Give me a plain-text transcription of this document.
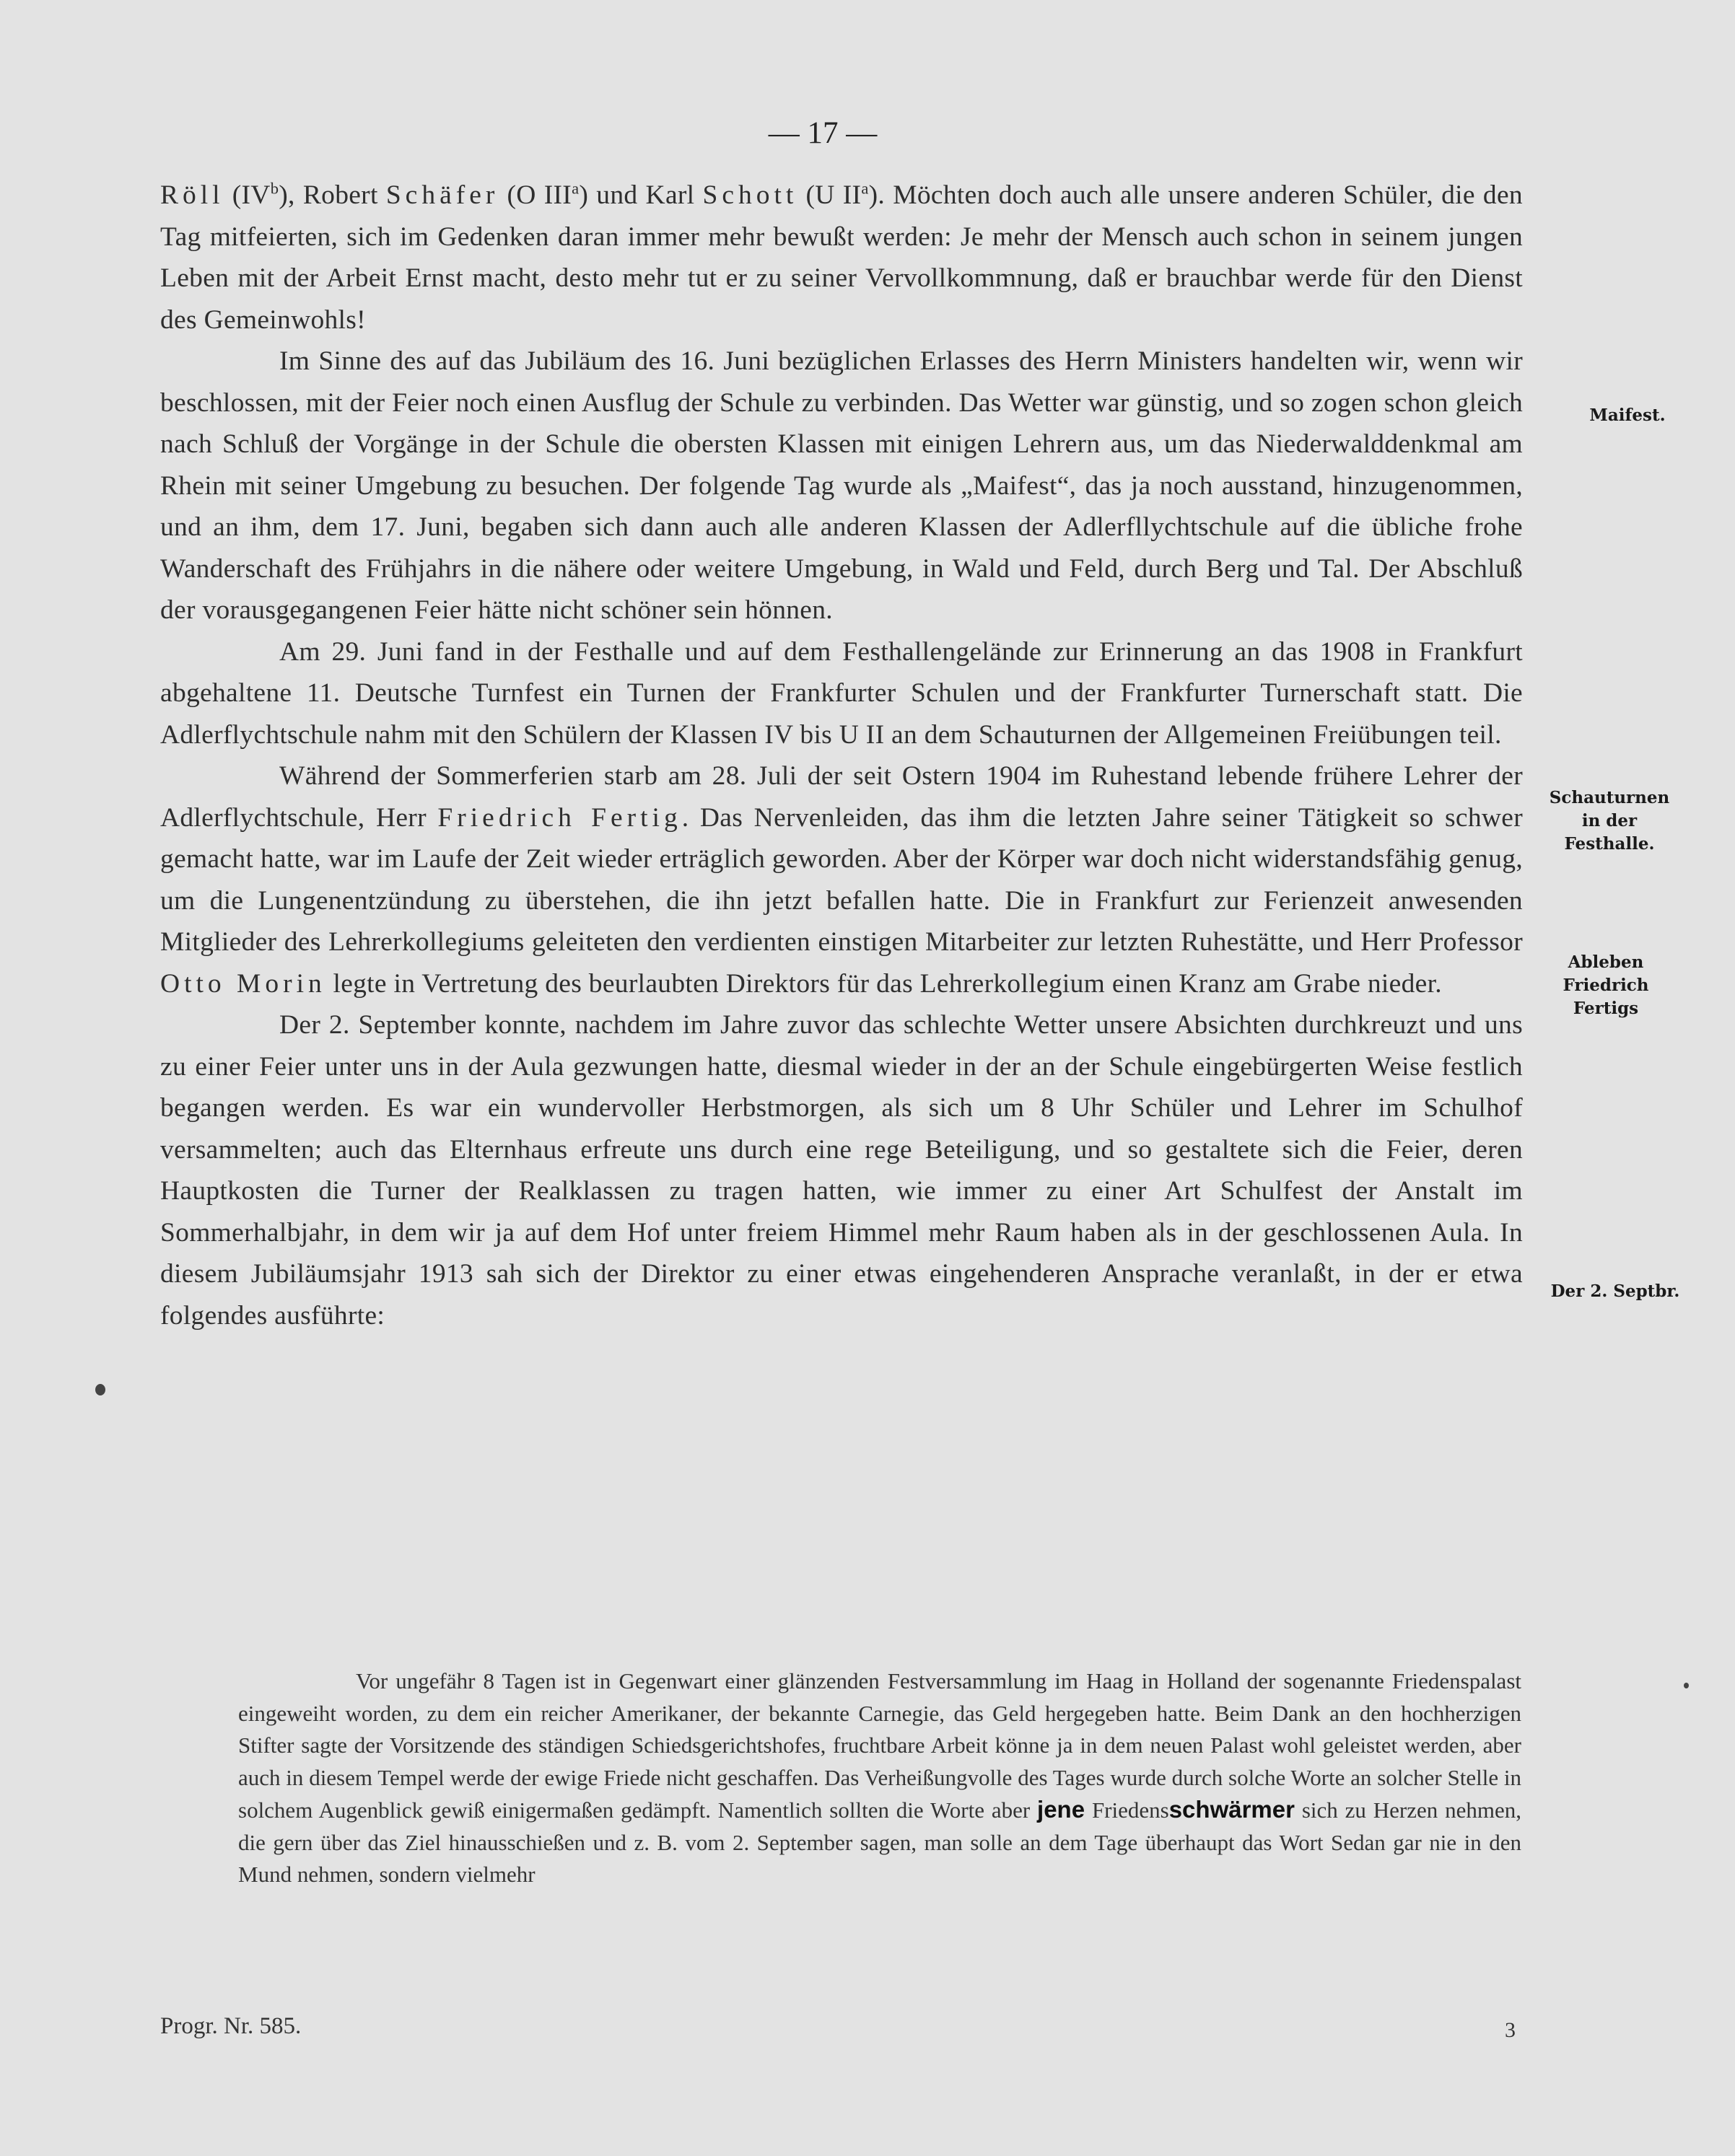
— 17 —

Röll $(IV^b)$, Robert Schäfer (O III$^a$) und Karl Schott (U $II^a$). Möchten doch auch alle unsere anderen Schüler, die den Tag mitfeierten, sich im Gedenken daran immer mehr bewußt werden: Je mehr der Mensch auch schon in seinem jungen Leben mit der Arbeit Ernst macht, desto mehr tut er zu seiner Vervollkommnung, daß er brauchbar werde für den Dienst des Gemeinwohls!

Im Sinne des auf das Jubiläum des 16. Juni bezüglichen Erlasses des Herrn Ministers handelten wir, wenn wir beschlossen, mit der Feier noch einen Ausflug der Schule zu verbinden. Das Wetter war günstig, und so zogen schon gleich nach Schluß der Vorgänge in der Schule die obersten Klassen mit einigen Lehrern aus, um das Niederwalddenkmal am Rhein mit seiner Umgebung zu besuchen. Der folgende Tag wurde als „Maifest“, das ja noch ausstand, hinzugenommen, und an ihm, dem 17. Juni, begaben sich dann auch alle anderen Klassen der Adlerfllychtschule auf die übliche frohe Wanderschaft des Frühjahrs in die nähere oder weitere Umgebung, in Wald und Feld, durch Berg und Tal. Der Abschluß der vorausgegangenen Feier hätte nicht schöner sein hönnen.

Am 29. Juni fand in der Festhalle und auf dem Festhallengelände zur Erinnerung an das 1908 in Frankfurt abgehaltene 11. Deutsche Turnfest ein Turnen der Frankfurter Schulen und der Frankfurter Turnerschaft statt. Die Adlerflychtschule nahm mit den Schülern der Klassen IV bis U II an dem Schauturnen der Allgemeinen Freiübungen teil.

Während der Sommerferien starb am 28. Juli der seit Ostern 1904 im Ruhestand lebende frühere Lehrer der Adlerflychtschule, Herr Friedrich Fertig. Das Nervenleiden, das ihm die letzten Jahre seiner Tätigkeit so schwer gemacht hatte, war im Laufe der Zeit wieder erträglich geworden. Aber der Körper war doch nicht widerstandsfähig genug, um die Lungenentzündung zu überstehen, die ihn jetzt befallen hatte. Die in Frankfurt zur Ferienzeit anwesenden Mitglieder des Lehrerkollegiums geleiteten den verdienten einstigen Mitarbeiter zur letzten Ruhestätte, und Herr Professor Otto Morin legte in Vertretung des beurlaubten Direktors für das Lehrerkollegium einen Kranz am Grabe nieder.

Der 2. September konnte, nachdem im Jahre zuvor das schlechte Wetter unsere Absichten durchkreuzt und uns zu einer Feier unter uns in der Aula gezwungen hatte, diesmal wieder in der an der Schule eingebürgerten Weise festlich begangen werden. Es war ein wundervoller Herbstmorgen, als sich um 8 Uhr Schüler und Lehrer im Schulhof versammelten; auch das Elternhaus erfreute uns durch eine rege Beteiligung, und so gestaltete sich die Feier, deren Hauptkosten die Turner der Realklassen zu tragen hatten, wie immer zu einer Art Schulfest der Anstalt im Sommerhalbjahr, in dem wir ja auf dem Hof unter freiem Himmel mehr Raum haben als in der geschlossenen Aula. In diesem Jubiläumsjahr 1913 sah sich der Direktor zu einer etwas eingehenderen Ansprache veranlaßt, in der er etwa folgendes ausführte:

Vor ungefähr 8 Tagen ist in Gegenwart einer glänzenden Festversammlung im Haag in Holland der sogenannte Friedenspalast eingeweiht worden, zu dem ein reicher Amerikaner, der bekannte Carnegie, das Geld hergegeben hatte. Beim Dank an den hochherzigen Stifter sagte der Vorsitzende des ständigen Schiedsgerichtshofes, fruchtbare Arbeit könne ja in dem neuen Palast wohl geleistet werden, aber auch in diesem Tempel werde der ewige Friede nicht geschaffen. Das Verheißungvolle des Tages wurde durch solche Worte an solcher Stelle in solchem Augenblick gewiß einigermaßen gedämpft. Namentlich sollten die Worte aber jene Friedensschwärmer sich zu Herzen nehmen, die gern über das Ziel hinausschießen und z. B. vom 2. September sagen, man solle an dem Tage überhaupt das Wort Sedan gar nie in den Mund nehmen, sondern vielmehr

Maifest.
Schauturnen
in der
Festhalle.
Ableben
Friedrich
Fertigs
Der 2. Septbr.
Progr. Nr. 585.	3
